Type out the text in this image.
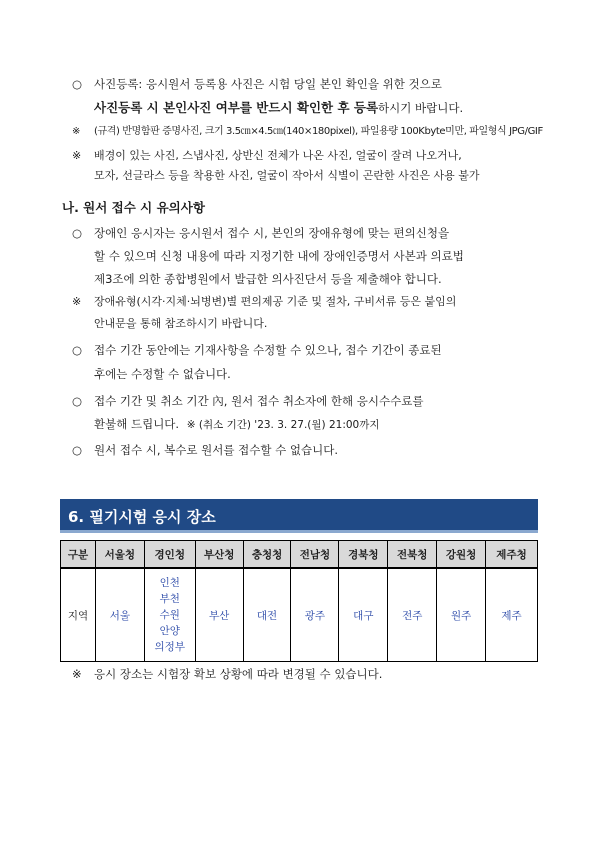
○ 사진등록: 응시원서 등록용 사진은 시험 당일 본인 확인을 위한 것으로
사진등록 시 본인사진 여부를 반드시 확인한 후 등록하시기 바랍니다.
※ (규격) 반명함판 증명사진, 크기 3.5㎝×4.5㎝(140×180pixel), 파일용량 100Kbyte미만, 파일형식 JPG/GIF
※ 배경이 있는 사진, 스냅사진, 상반신 전체가 나온 사진, 얼굴이 잘려 나오거나,
모자, 선글라스 등을 착용한 사진, 얼굴이 작아서 식별이 곤란한 사진은 사용 불가
나. 원서 접수 시 유의사항
○ 장애인 응시자는 응시원서 접수 시, 본인의 장애유형에 맞는 편의신청을
할 수 있으며 신청 내용에 따라 지정기한 내에 장애인증명서 사본과 의료법
제3조에 의한 종합병원에서 발급한 의사진단서 등을 제출해야 합니다.
※ 장애유형(시각·지체·뇌병변)별 편의제공 기준 및 절차, 구비서류 등은 붙임의
안내문을 통해 참조하시기 바랍니다.
○ 접수 기간 동안에는 기재사항을 수정할 수 있으나, 접수 기간이 종료된
후에는 수정할 수 없습니다.
○ 접수 기간 및 취소 기간 內, 원서 접수 취소자에 한해 응시수수료를
환불해 드립니다. ※ (취소 기간) '23. 3. 27.(월) 21:00까지
○ 원서 접수 시, 복수로 원서를 접수할 수 없습니다.
6. 필기시험 응시 장소
구분	서울청	경인청	부산청	충청청	전남청	경북청	전북청	강원청	제주청
지역	서울	인천
부천
수원
안양
의정부	부산	대전	광주	대구	전주	원주	제주
※ 응시 장소는 시험장 확보 상황에 따라 변경될 수 있습니다.
